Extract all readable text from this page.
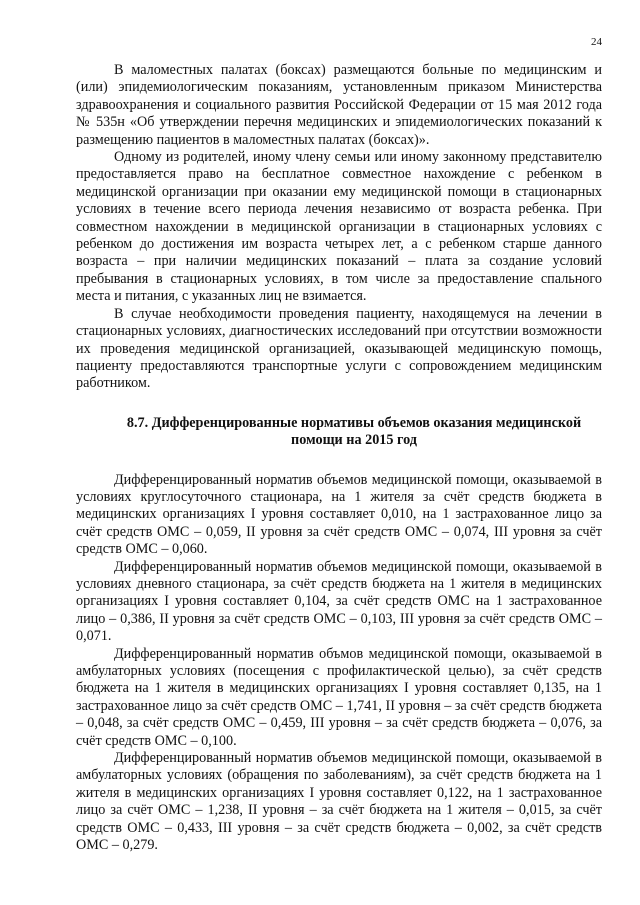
24

В маломестных палатах (боксах) размещаются больные по медицинским и (или) эпидемиологическим показаниям, установленным приказом Министерства здравоохранения и социального развития Российской Федерации от 15 мая 2012 года № 535н «Об утверждении перечня медицинских и эпидемиологических показаний к размещению пациентов в маломестных палатах (боксах)».

Одному из родителей, иному члену семьи или иному законному представителю предоставляется право на бесплатное совместное нахождение с ребенком в медицинской организации при оказании ему медицинской помощи в стационарных условиях в течение всего периода лечения независимо от возраста ребенка. При совместном нахождении в медицинской организации в стационарных условиях с ребенком до достижения им возраста четырех лет, а с ребенком старше данного возраста – при наличии медицинских показаний – плата за создание условий пребывания в стационарных условиях, в том числе за предоставление спального места и питания, с указанных лиц не взимается.

В случае необходимости проведения пациенту, находящемуся на лечении в стационарных условиях, диагностических исследований при отсутствии возможности их проведения медицинской организацией, оказывающей медицинскую помощь, пациенту предоставляются транспортные услуги с сопровождением медицинским работником.

8.7. Дифференцированные нормативы объемов оказания медицинской помощи на 2015 год

Дифференцированный норматив объемов медицинской помощи, оказываемой в условиях круглосуточного стационара, на 1 жителя за счёт средств бюджета в медицинских организациях I уровня составляет 0,010, на 1 застрахованное лицо за счёт средств ОМС – 0,059, II уровня за счёт средств ОМС – 0,074, III уровня за счёт средств ОМС – 0,060.

Дифференцированный норматив объемов медицинской помощи, оказываемой в условиях дневного стационара, за счёт средств бюджета на 1 жителя в медицинских организациях I уровня составляет 0,104, за счёт средств ОМС на 1 застрахованное лицо – 0,386, II уровня за счёт средств ОМС – 0,103, III уровня за счёт средств ОМС – 0,071.

Дифференцированный норматив объмов медицинской помощи, оказываемой в амбулаторных условиях (посещения с профилактической целью), за счёт средств бюджета на 1 жителя в медицинских организациях I уровня составляет 0,135, на 1 застрахованное лицо за счёт средств ОМС – 1,741, II уровня – за счёт средств бюджета – 0,048, за счёт средств ОМС – 0,459, III уровня – за счёт средств бюджета – 0,076, за счёт средств ОМС – 0,100.

Дифференцированный норматив объемов медицинской помощи, оказываемой в амбулаторных условиях (обращения по заболеваниям), за счёт средств бюджета на 1 жителя в медицинских организациях I уровня составляет 0,122, на 1 застрахованное лицо за счёт ОМС – 1,238, II уровня – за счёт бюджета на 1 жителя – 0,015, за счёт средств ОМС – 0,433, III уровня – за счёт средств бюджета – 0,002, за счёт средств ОМС – 0,279.
